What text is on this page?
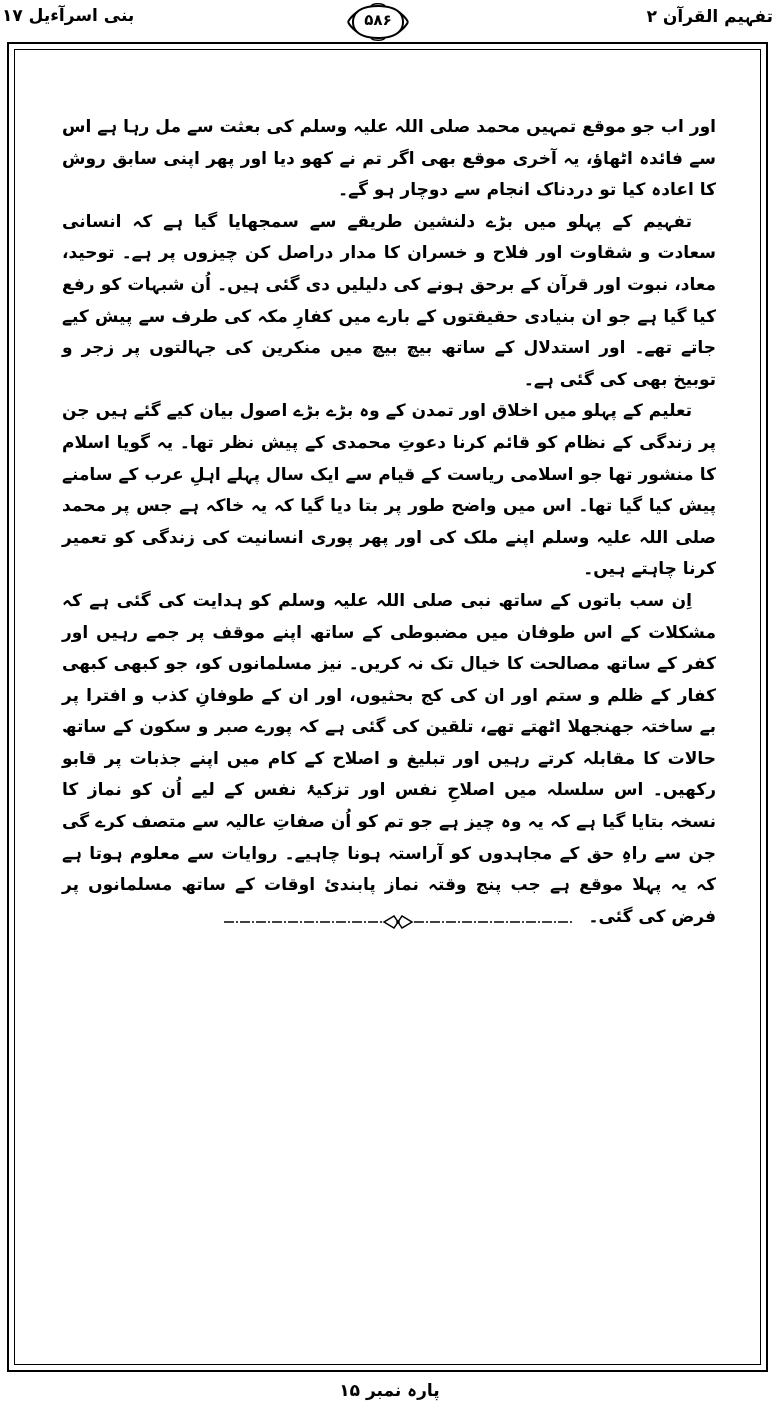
بنی اسرآءیل ۱۷	۵۸۶	تفہیم القرآن ۲

اور اب جو موقع تمہیں محمد صلی اللہ علیہ وسلم کی بعثت سے مل رہا ہے اس سے فائدہ اٹھاؤ، یہ آخری موقع بھی اگر تم نے کھو دیا اور پھر اپنی سابق روش کا اعادہ کیا تو دردناک انجام سے دوچار ہو گے۔

تفہیم کے پہلو میں بڑے دلنشین طریقے سے سمجھایا گیا ہے کہ انسانی سعادت و شقاوت اور فلاح و خسران کا مدار دراصل کن چیزوں پر ہے۔ توحید، معاد، نبوت اور قرآن کے برحق ہونے کی دلیلیں دی گئی ہیں۔ اُن شبہات کو رفع کیا گیا ہے جو ان بنیادی حقیقتوں کے بارے میں کفارِ مکہ کی طرف سے پیش کیے جاتے تھے۔ اور استدلال کے ساتھ بیچ بیچ میں منکرین کی جہالتوں پر زجر و توبیخ بھی کی گئی ہے۔

تعلیم کے پہلو میں اخلاق اور تمدن کے وہ بڑے بڑے اصول بیان کیے گئے ہیں جن پر زندگی کے نظام کو قائم کرنا دعوتِ محمدی کے پیش نظر تھا۔ یہ گویا اسلام کا منشور تھا جو اسلامی ریاست کے قیام سے ایک سال پہلے اہلِ عرب کے سامنے پیش کیا گیا تھا۔ اس میں واضح طور پر بتا دیا گیا کہ یہ خاکہ ہے جس پر محمد صلی اللہ علیہ وسلم اپنے ملک کی اور پھر پوری انسانیت کی زندگی کو تعمیر کرنا چاہتے ہیں۔

اِن سب باتوں کے ساتھ نبی صلی اللہ علیہ وسلم کو ہدایت کی گئی ہے کہ مشکلات کے اس طوفان میں مضبوطی کے ساتھ اپنے موقف پر جمے رہیں اور کفر کے ساتھ مصالحت کا خیال تک نہ کریں۔ نیز مسلمانوں کو، جو کبھی کبھی کفار کے ظلم و ستم اور ان کی کج بحثیوں، اور ان کے طوفانِ کذب و افترا پر بے ساختہ جھنجھلا اٹھتے تھے، تلقین کی گئی ہے کہ پورے صبر و سکون کے ساتھ حالات کا مقابلہ کرتے رہیں اور تبلیغ و اصلاح کے کام میں اپنے جذبات پر قابو رکھیں۔ اس سلسلہ میں اصلاحِ نفس اور تزکیۂ نفس کے لیے اُن کو نماز کا نسخہ بتایا گیا ہے کہ یہ وہ چیز ہے جو تم کو اُن صفاتِ عالیہ سے متصف کرے گی جن سے راہِ حق کے مجاہدوں کو آراستہ ہونا چاہیے۔ روایات سے معلوم ہوتا ہے کہ یہ پہلا موقع ہے جب پنج وقتہ نماز پابندیٔ اوقات کے ساتھ مسلمانوں پر فرض کی گئی۔

پارہ نمبر ۱۵
